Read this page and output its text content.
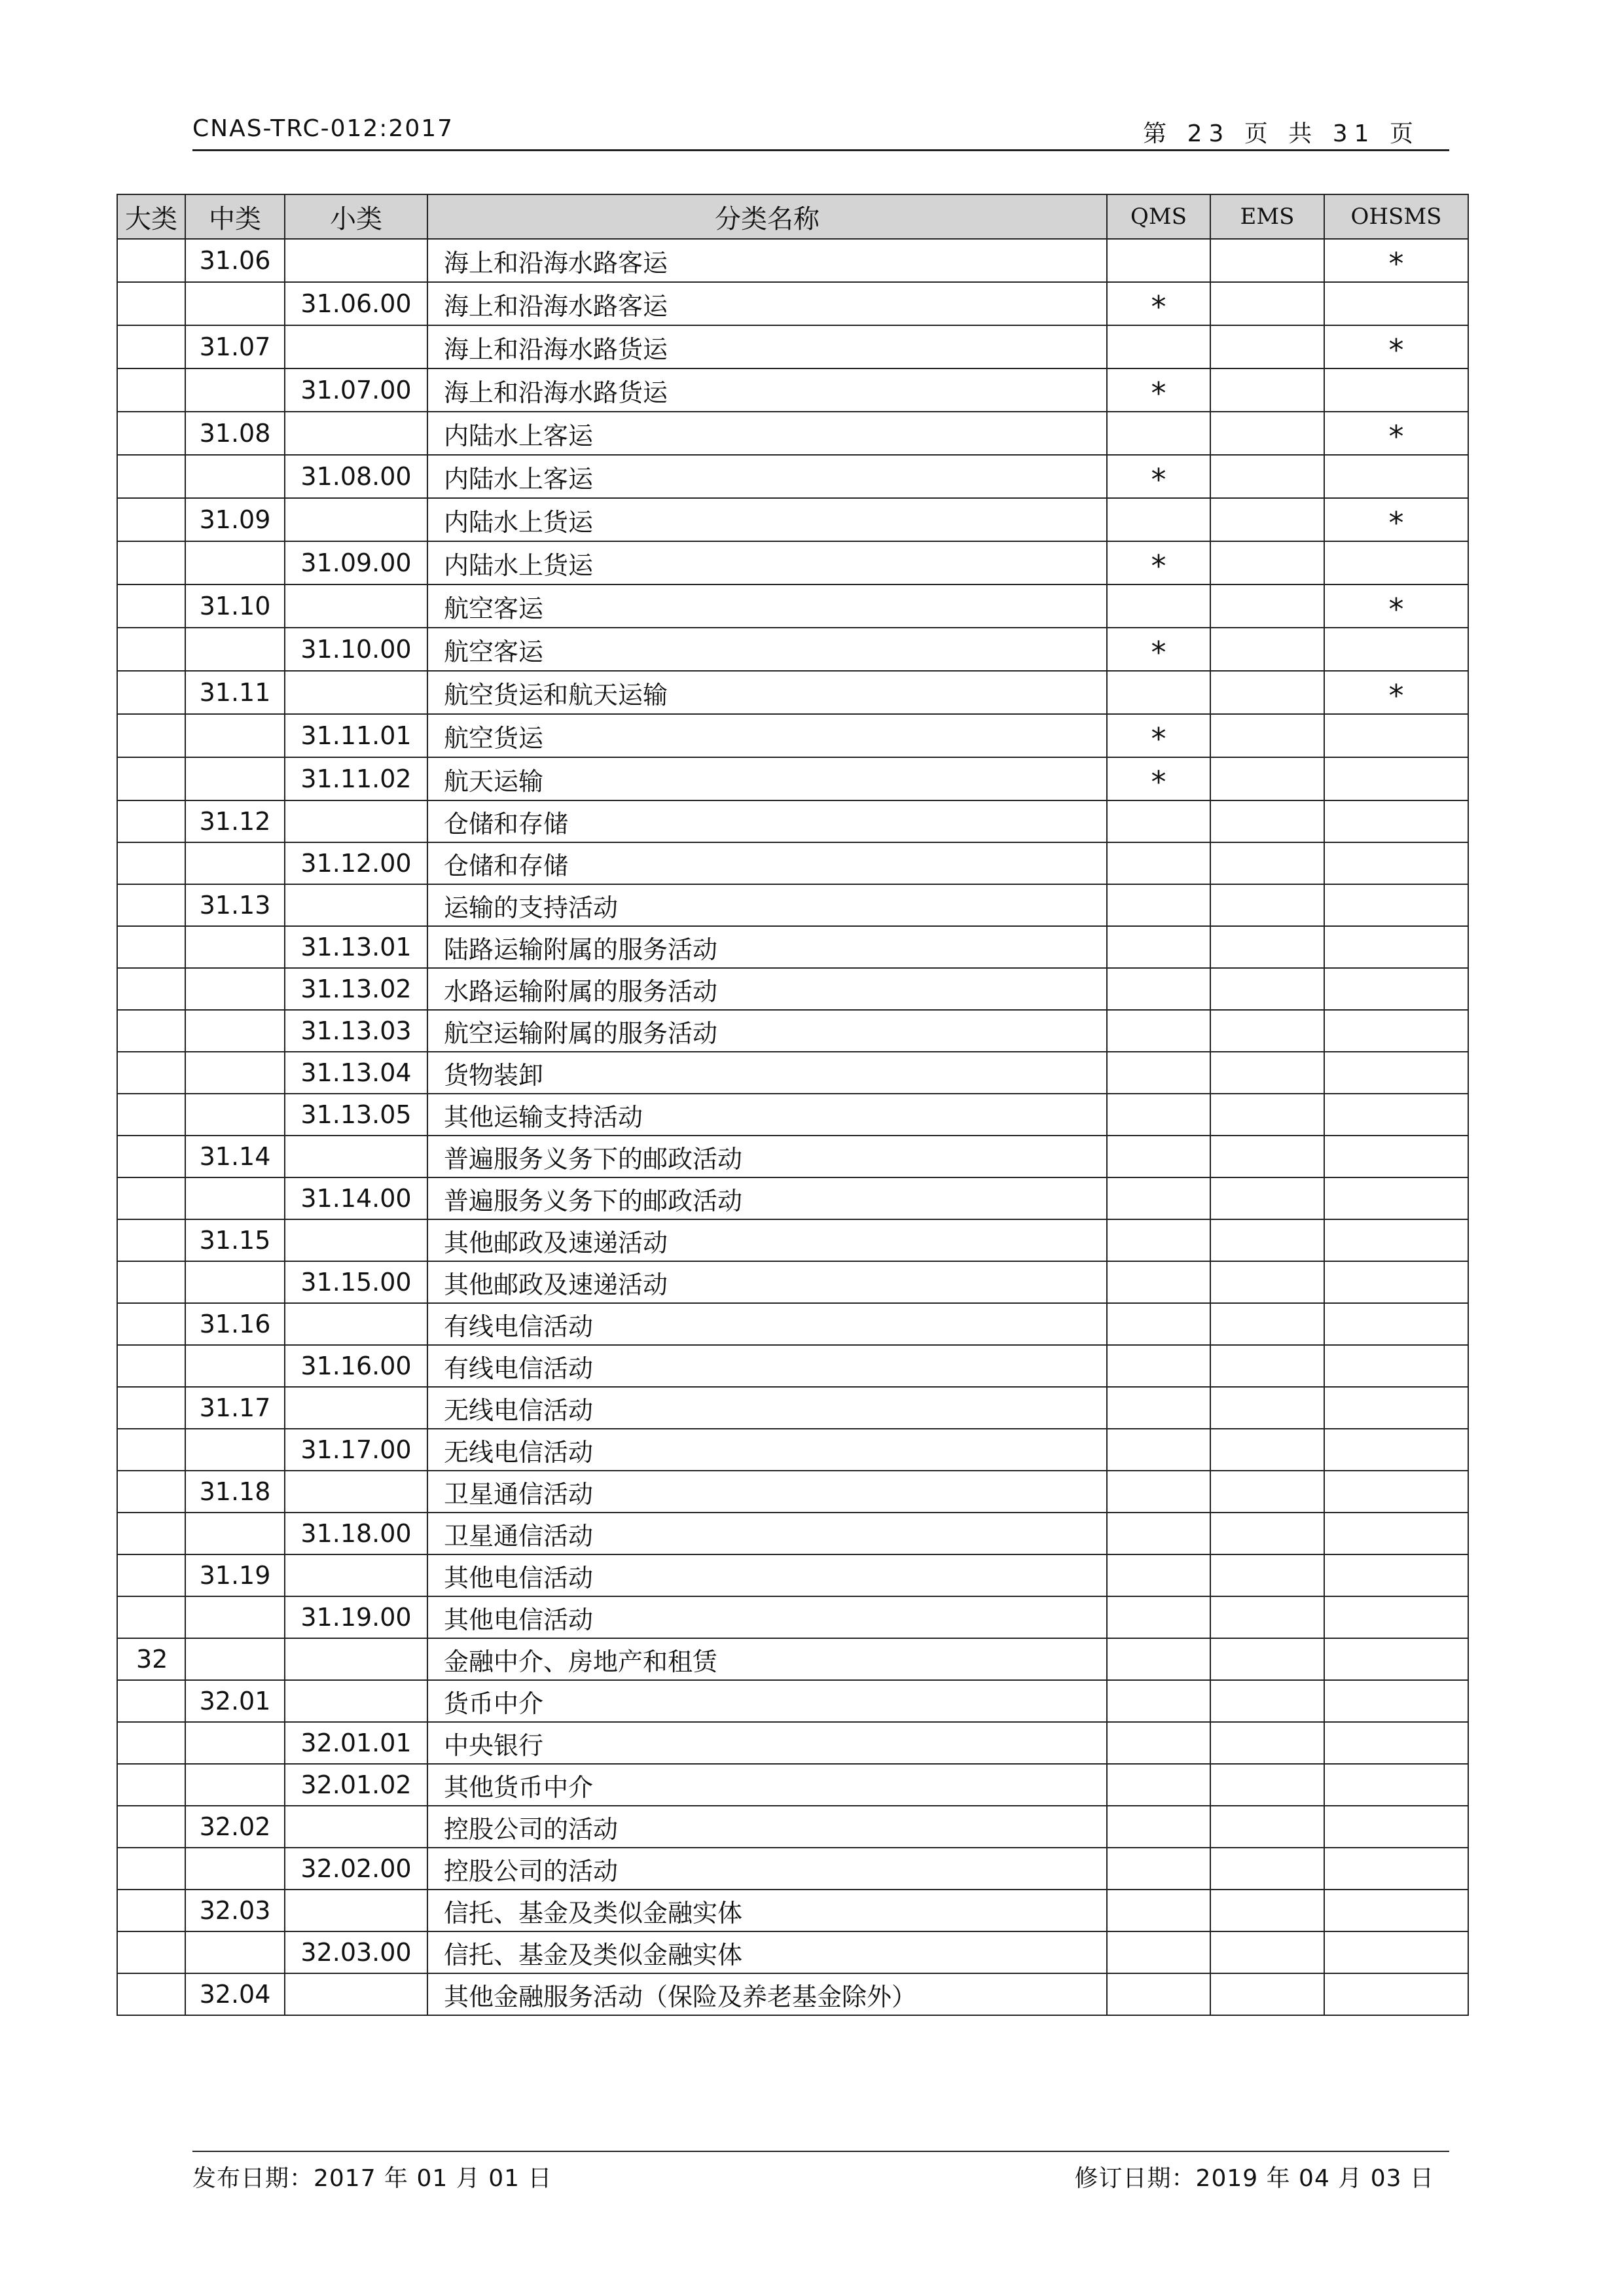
CNAS-TRC-012:2017	第 23 页 共 31 页
大类	中类	小类	分类名称	QMS	EMS	OHSMS
	31.06		海上和沿海水路客运			*
		31.06.00	海上和沿海水路客运	*		
	31.07		海上和沿海水路货运			*
		31.07.00	海上和沿海水路货运	*		
	31.08		内陆水上客运			*
		31.08.00	内陆水上客运	*		
	31.09		内陆水上货运			*
		31.09.00	内陆水上货运	*		
	31.10		航空客运			*
		31.10.00	航空客运	*		
	31.11		航空货运和航天运输			*
		31.11.01	航空货运	*		
		31.11.02	航天运输	*		
	31.12		仓储和存储			
		31.12.00	仓储和存储			
	31.13		运输的支持活动			
		31.13.01	陆路运输附属的服务活动			
		31.13.02	水路运输附属的服务活动			
		31.13.03	航空运输附属的服务活动			
		31.13.04	货物装卸			
		31.13.05	其他运输支持活动			
	31.14		普遍服务义务下的邮政活动			
		31.14.00	普遍服务义务下的邮政活动			
	31.15		其他邮政及速递活动			
		31.15.00	其他邮政及速递活动			
	31.16		有线电信活动			
		31.16.00	有线电信活动			
	31.17		无线电信活动			
		31.17.00	无线电信活动			
	31.18		卫星通信活动			
		31.18.00	卫星通信活动			
	31.19		其他电信活动			
		31.19.00	其他电信活动			
32			金融中介、房地产和租赁			
	32.01		货币中介			
		32.01.01	中央银行			
		32.01.02	其他货币中介			
	32.02		控股公司的活动			
		32.02.00	控股公司的活动			
	32.03		信托、基金及类似金融实体			
		32.03.00	信托、基金及类似金融实体			
	32.04		其他金融服务活动（保险及养老基金除外）			
发布日期：2017 年 01 月 01 日	修订日期：2019 年 04 月 03 日
